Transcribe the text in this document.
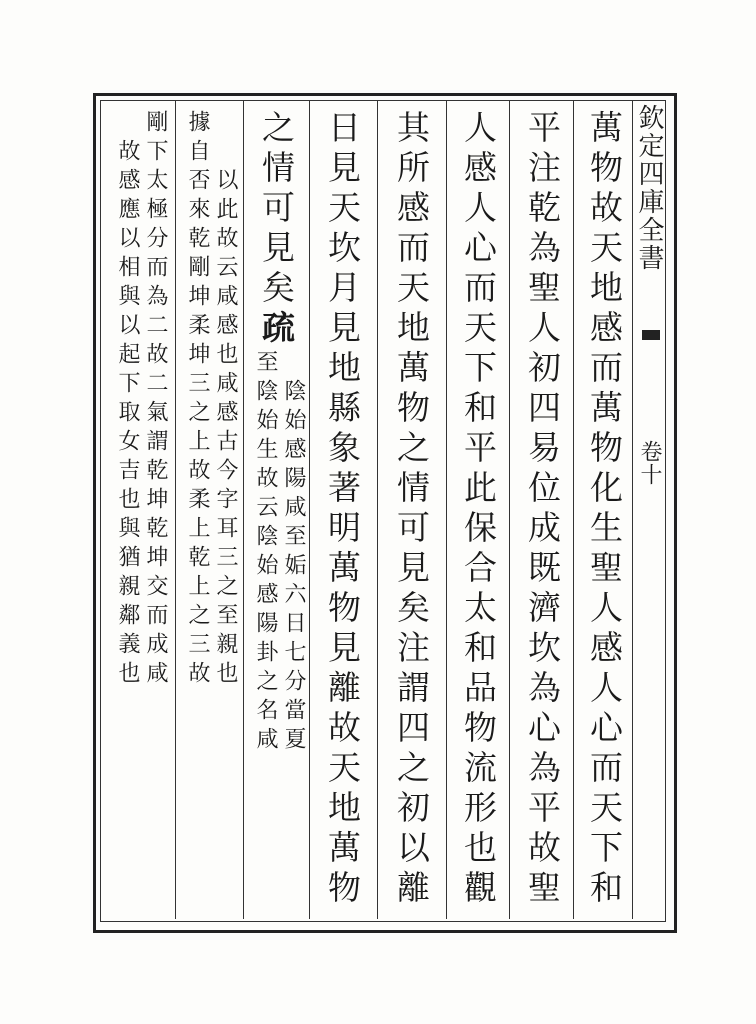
欽定四庫全書
卷十
萬物故天地感而萬物化生聖人感人心而天下和
平注乾為聖人初四易位成既濟坎為心為平故聖
人感人心而天下和平此保合太和品物流形也觀
其所感而天地萬物之情可見矣注謂四之初以離
日見天坎月見地縣象著明萬物見離故天地萬物
之情可見矣疏陰始感陽咸至姤六日七分當夏至陰始生故云陰始感陽卦之名咸
以此故云咸感也咸感古今字耳三之至親也據自否來乾剛坤柔坤三之上故柔上乾上之三故
剛下太極分而為二故二氣謂乾坤乾坤交而成咸故感應以相與以起下取女吉也與猶親鄰義也
